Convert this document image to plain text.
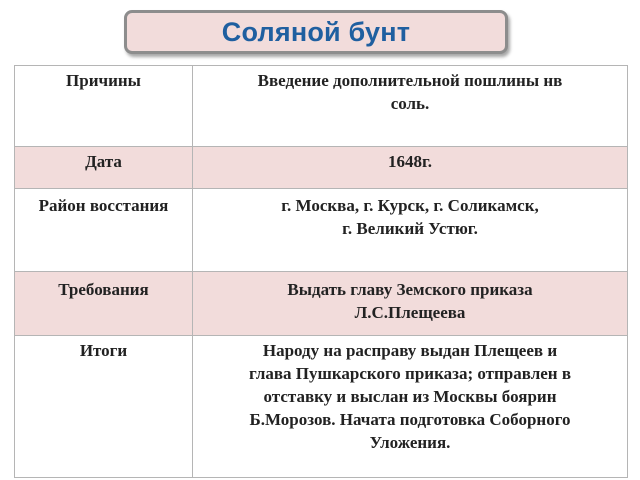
Соляной бунт
Причины	Введение дополнительной пошлины нв
соль.

Дата	1648г.

Район восстания	г. Москва, г. Курск, г. Соликамск,
г. Великий Устюг.

Требования	Выдать главу Земского приказа
Л.С.Плещеева

Итоги	Народу на расправу выдан Плещеев и
глава Пушкарского приказа; отправлен в
отставку и выслан из Москвы боярин
Б.Морозов. Начата подготовка Соборного
Уложения.
